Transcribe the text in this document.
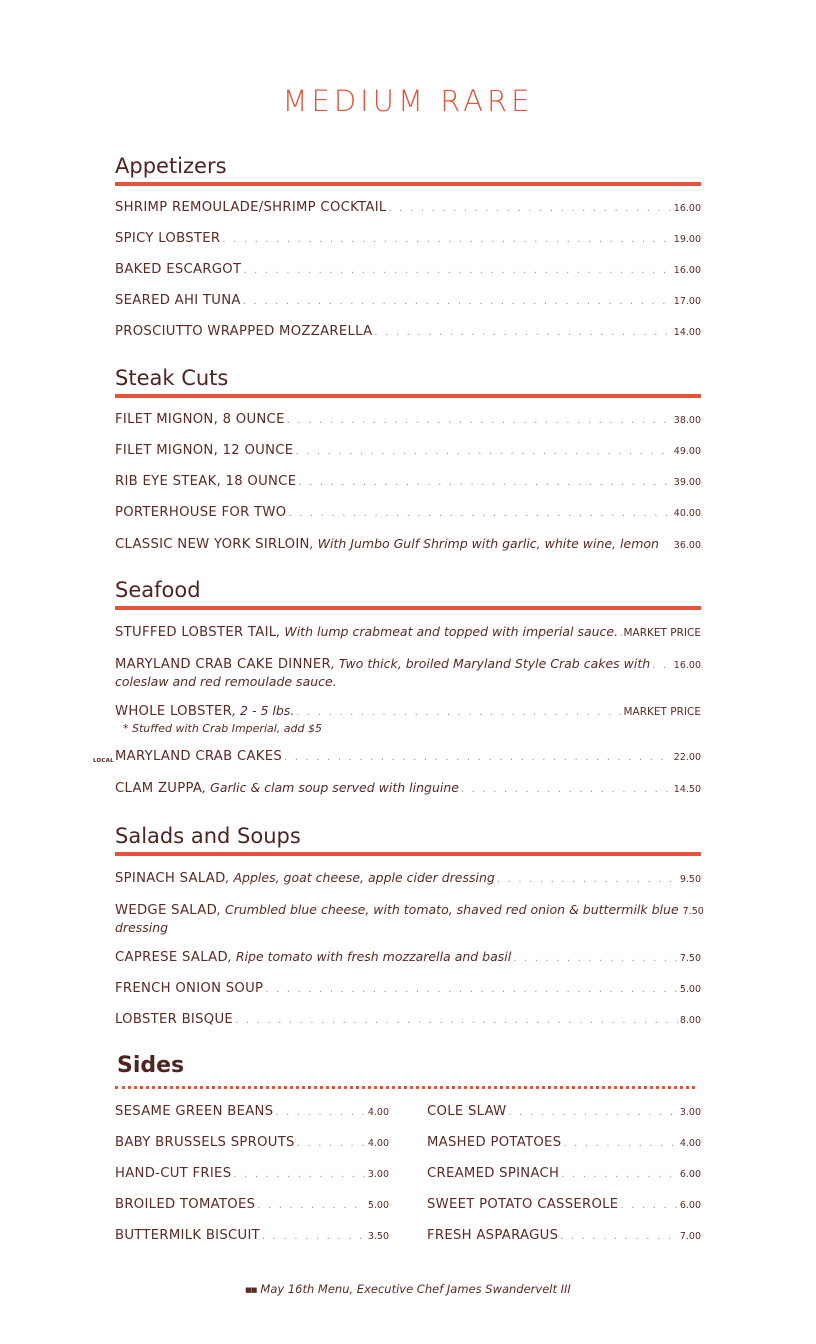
MEDIUM RARE
Appetizers
SHRIMP REMOULADE/SHRIMP COCKTAIL . . .	16.00
SPICY LOBSTER . . .	19.00
BAKED ESCARGOT . . .	16.00
SEARED AHI TUNA . . .	17.00
PROSCIUTTO WRAPPED MOZZARELLA . . .	14.00
Steak Cuts
FILET MIGNON, 8 OUNCE . . .	38.00
FILET MIGNON, 12 OUNCE . . .	49.00
RIB EYE STEAK, 18 OUNCE . . .	39.00
PORTERHOUSE FOR TWO . . .	40.00
CLASSIC NEW YORK SIRLOIN , With Jumbo Gulf Shrimp with garlic, white wine, lemon 36.00
Seafood
STUFFED LOBSTER TAIL , With lump crabmeat and topped with imperial sauce. . . . MARKET PRICE
MARYLAND CRAB CAKE DINNER , Two thick, broiled Maryland Style Crab cakes with . . . 16.00
coleslaw and red remoulade sauce.
WHOLE LOBSTER , 2 - 5 lbs. . . .	MARKET PRICE
* Stuffed with Crab Imperial, add $5
LOCAL MARYLAND CRAB CAKES . . .	22.00
CLAM ZUPPA , Garlic & clam soup served with linguine . . .	14.50
Salads and Soups
SPINACH SALAD , Apples, goat cheese, apple cider dressing . . .	9.50
WEDGE SALAD , Crumbled blue cheese, with tomato, shaved red onion & buttermilk blue 7.50
dressing
CAPRESE SALAD , Ripe tomato with fresh mozzarella and basil . . .	7.50
FRENCH ONION SOUP . . .	5.00
LOBSTER BISQUE . . .	8.00
Sides
SESAME GREEN BEANS . . .	4.00
BABY BRUSSELS SPROUTS . . .	4.00
HAND-CUT FRIES . . .	3.00
BROILED TOMATOES . . .	5.00
BUTTERMILK BISCUIT . . .	3.50
COLE SLAW . . .	3.00
MASHED POTATOES . . .	4.00
CREAMED SPINACH . . .	6.00
SWEET POTATO CASSEROLE . . .	6.00
FRESH ASPARAGUS . . .	7.00
■■ May 16th Menu, Executive Chef James Swandervelt III
